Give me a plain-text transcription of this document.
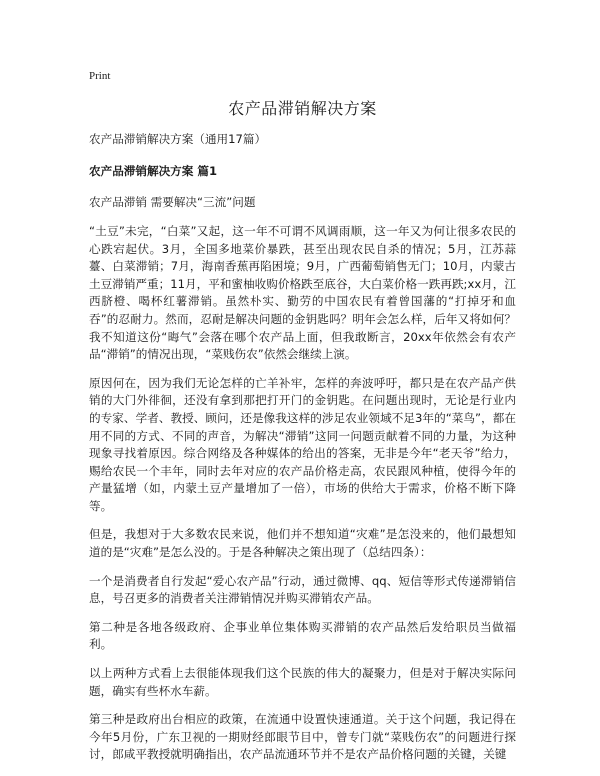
Print
农产品滞销解决方案

农产品滞销解决方案（通用17篇）

农产品滞销解决方案 篇1

农产品滞销 需要解决“三流”问题

“土豆”未完，“白菜”又起，这一年不可谓不风调雨顺，这一年又为何让很多农民的心跌宕起伏。3月，全国多地菜价暴跌，甚至出现农民自杀的情况；5月，江苏蒜薹、白菜滞销；7月，海南香蕉再陷困境；9月，广西葡萄销售无门；10月，内蒙古土豆滞销严重；11月，平和蜜柚收购价格跌至底谷，大白菜价格一跌再跌;xx月，江西脐橙、喝杯红薯滞销。虽然朴实、勤劳的中国农民有着曾国藩的“打掉牙和血吞”的忍耐力。然而，忍耐是解决问题的金钥匙吗？明年会怎么样，后年又将如何？我不知道这份“晦气”会落在哪个农产品上面，但我敢断言，20xx年依然会有农产品“滞销”的情况出现，“菜贱伤农”依然会继续上演。

原因何在，因为我们无论怎样的亡羊补牢，怎样的奔波呼吁，都只是在农产品产供销的大门外徘徊，还没有拿到那把打开门的金钥匙。在问题出现时，无论是行业内的专家、学者、教授、顾问，还是像我这样的涉足农业领域不足3年的“菜鸟”，都在用不同的方式、不同的声音，为解决“滞销”这同一问题贡献着不同的力量，为这种现象寻找着原因。综合网络及各种媒体的给出的答案，无非是今年“老天爷”给力，赐给农民一个丰年，同时去年对应的农产品价格走高，农民跟风种植，使得今年的产量猛增（如，内蒙土豆产量增加了一倍），市场的供给大于需求，价格不断下降等。

但是，我想对于大多数农民来说，他们并不想知道“灾难”是怎没来的，他们最想知道的是“灾难”是怎么没的。于是各种解决之策出现了（总结四条）：

一个是消费者自行发起“爱心农产品”行动，通过微博、qq、短信等形式传递滞销信息，号召更多的消费者关注滞销情况并购买滞销农产品。

第二种是各地各级政府、企事业单位集体购买滞销的农产品然后发给职员当做福利。

以上两种方式看上去很能体现我们这个民族的伟大的凝聚力，但是对于解决实际问题，确实有些杯水车薪。

第三种是政府出台相应的政策，在流通中设置快速通道。关于这个问题，我记得在今年5月份，广东卫视的一期财经郎眼节目中，曾专门就“菜贱伤农”的问题进行探讨，郎咸平教授就明确指出，农产品流通环节并不是农产品价格问题的关键，关键
